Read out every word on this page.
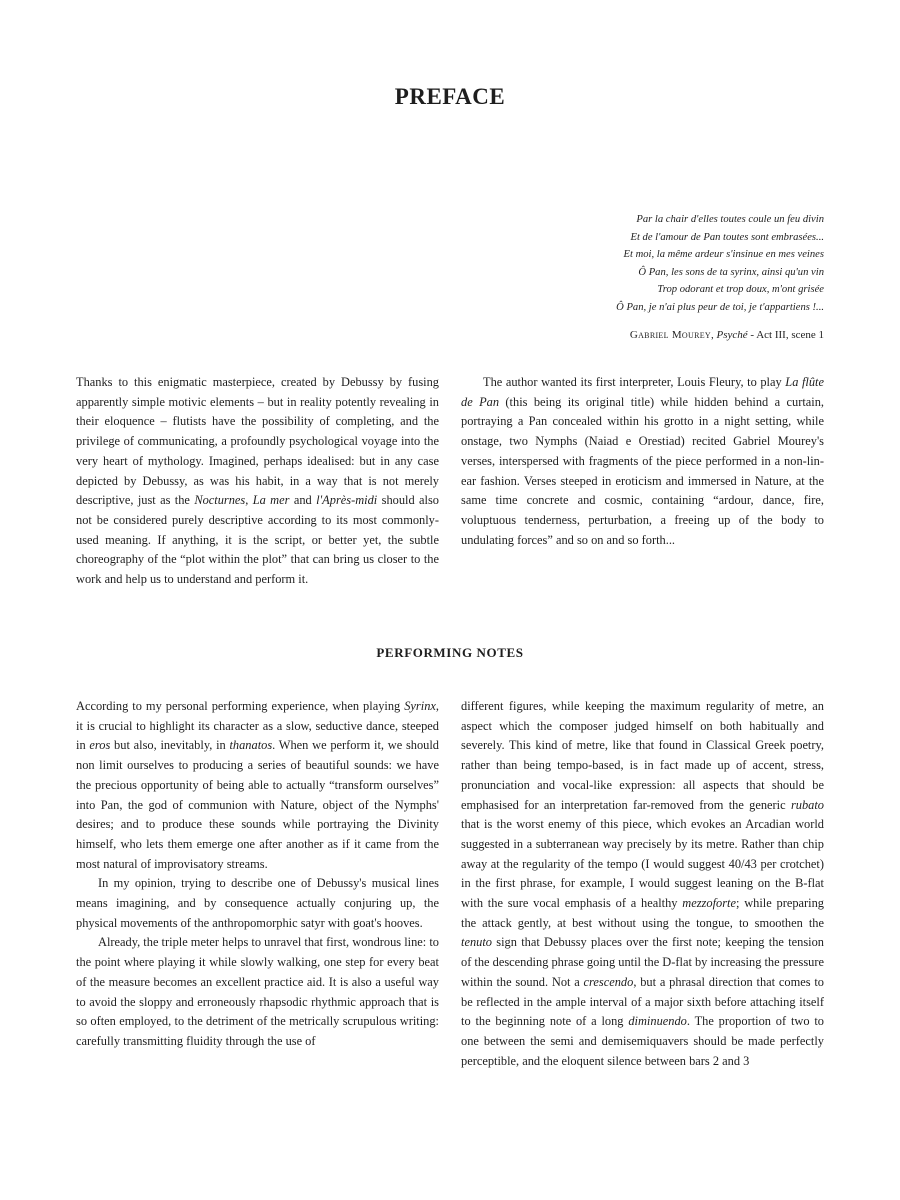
PREFACE
Par la chair d'elles toutes coule un feu divin
Et de l'amour de Pan toutes sont embrasées...
Et moi, la même ardeur s'insinue en mes veines
Ô Pan, les sons de ta syrinx, ainsi qu'un vin
Trop odorant et trop doux, m'ont grisée
Ô Pan, je n'ai plus peur de toi, je t'appartiens !...
Gabriel Mourey, Psyché - Act III, scene 1

Thanks to this enigmatic masterpiece, created by Debussy by fusing apparently simple motivic elements – but in reality potently revealing in their eloquence – flutists have the possibility of completing, and the privilege of communicating, a profoundly psychological voyage into the very heart of mythology. Imagined, perhaps idealised: but in any case depicted by Debussy, as was his habit, in a way that is not merely descriptive, just as the Nocturnes, La mer and l'Après-midi should also not be considered purely descriptive according to its most commonly-used meaning. If anything, it is the script, or better yet, the subtle choreography of the “plot within the plot” that can bring us closer to the work and help us to understand and perform it.

The author wanted its first interpreter, Louis Fleury, to play La flûte de Pan (this being its original title) while hidden behind a curtain, portraying a Pan concealed within his grotto in a night setting, while onstage, two Nymphs (Naiad e Orestiad) recited Gabriel Mourey's verses, interspersed with fragments of the piece performed in a non-linear fashion. Verses steeped in eroticism and immersed in Nature, at the same time concrete and cosmic, containing “ardour, dance, fire, voluptuous tenderness, perturbation, a freeing up of the body to undulating forces” and so on and so forth...

PERFORMING NOTES

According to my personal performing experience, when playing Syrinx, it is crucial to highlight its character as a slow, seductive dance, steeped in eros but also, inevitably, in thanatos. When we perform it, we should non limit ourselves to producing a series of beautiful sounds: we have the precious opportunity of being able to actually “transform ourselves” into Pan, the god of communion with Nature, object of the Nymphs' desires; and to produce these sounds while portraying the Divinity himself, who lets them emerge one after another as if it came from the most natural of improvisatory streams.

In my opinion, trying to describe one of Debussy's musical lines means imagining, and by consequence actually conjuring up, the physical movements of the anthropomorphic satyr with goat's hooves.

Already, the triple meter helps to unravel that first, wondrous line: to the point where playing it while slowly walking, one step for every beat of the measure becomes an excellent practice aid. It is also a useful way to avoid the sloppy and erroneously rhapsodic rhythmic approach that is so often employed, to the detriment of the metrically scrupulous writing: carefully transmitting fluidity through the use of

different figures, while keeping the maximum regularity of metre, an aspect which the composer judged himself on both habitually and severely. This kind of metre, like that found in Classical Greek poetry, rather than being tempo-based, is in fact made up of accent, stress, pronunciation and vocal-like expression: all aspects that should be emphasised for an interpretation far-removed from the generic rubato that is the worst enemy of this piece, which evokes an Arcadian world suggested in a subterranean way precisely by its metre. Rather than chip away at the regularity of the tempo (I would suggest 40/43 per crotchet) in the first phrase, for example, I would suggest leaning on the B-flat with the sure vocal emphasis of a healthy mezzoforte; while preparing the attack gently, at best without using the tongue, to smoothen the tenuto sign that Debussy places over the first note; keeping the tension of the descending phrase going until the D-flat by increasing the pressure within the sound. Not a crescendo, but a phrasal direction that comes to be reflected in the ample interval of a major sixth before attaching itself to the beginning note of a long diminuendo. The proportion of two to one between the semi and demisemiquavers should be made perfectly perceptible, and the eloquent silence between bars 2 and 3
